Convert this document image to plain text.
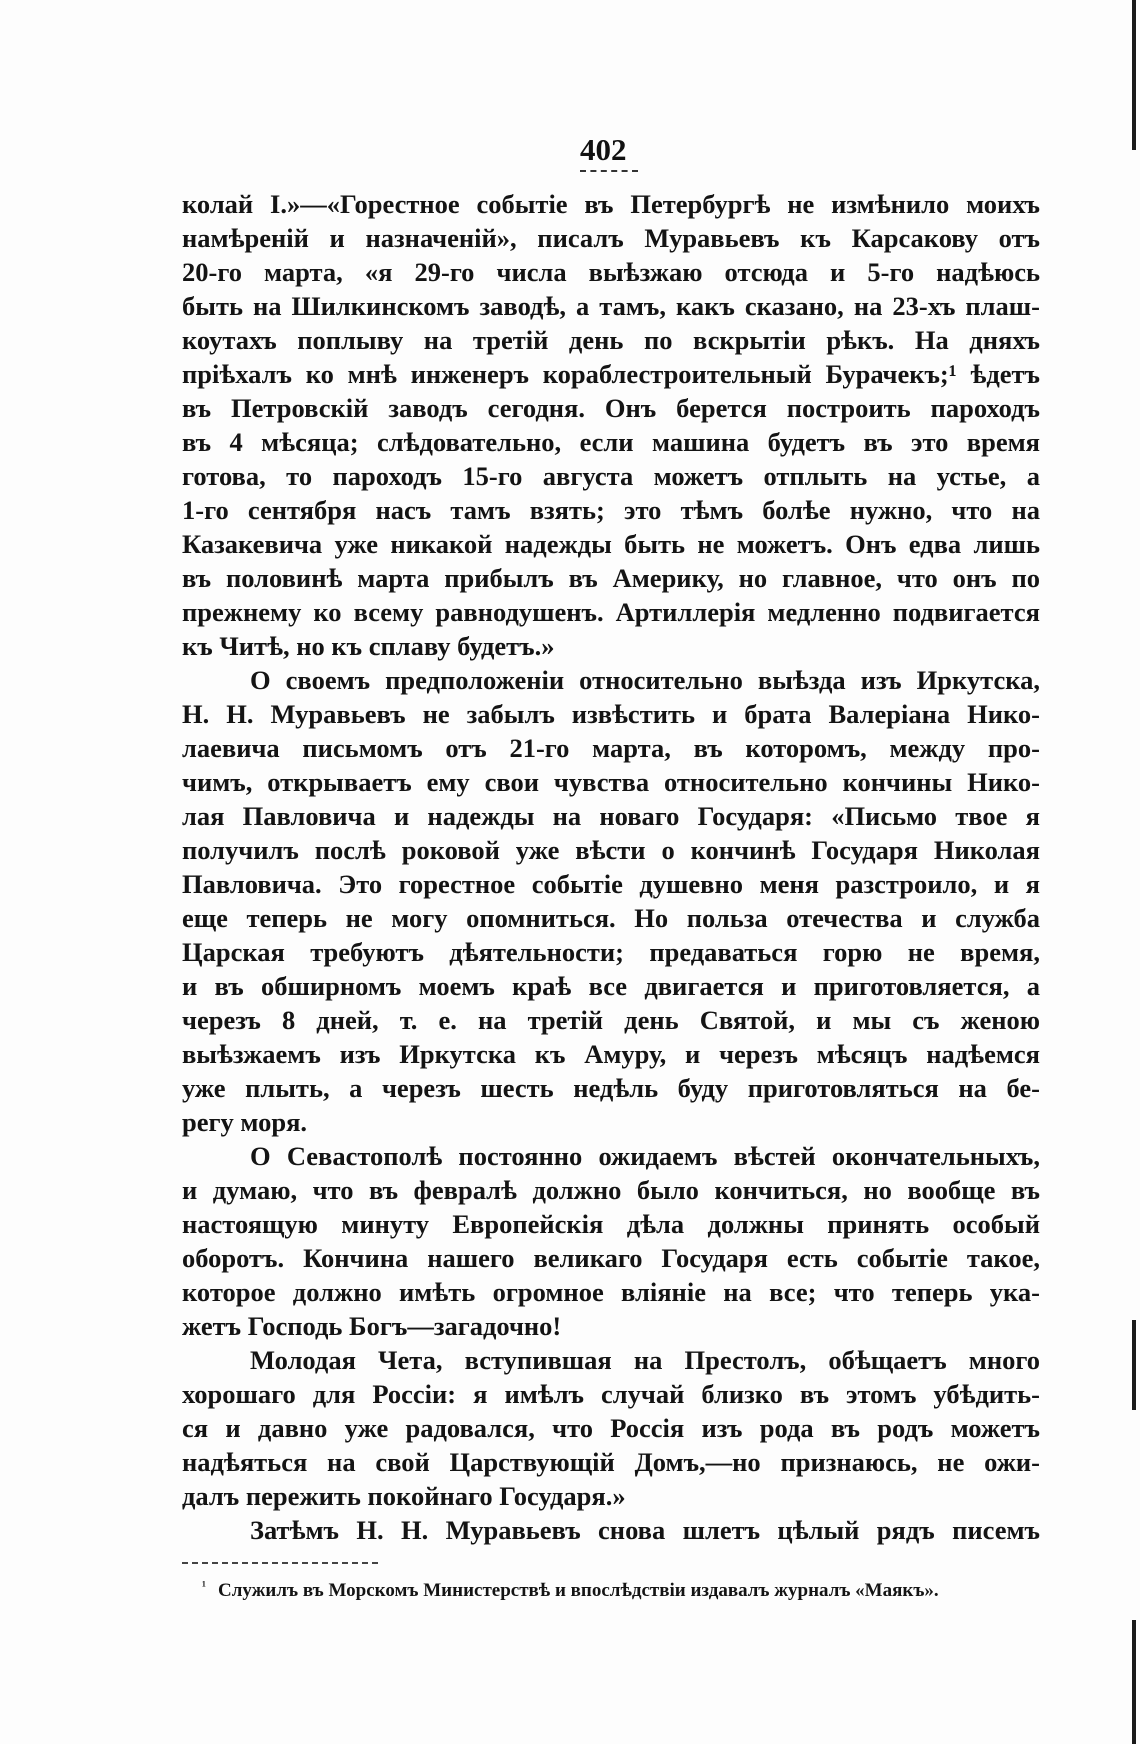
402
колай I.»—«Горестное событіе въ Петербургѣ не измѣнило моихъ
намѣреній и назначеній», писалъ Муравьевъ къ Карсакову отъ
20-го марта, «я 29-го числа выѣзжаю отсюда и 5-го надѣюсь
быть на Шилкинскомъ заводѣ, а тамъ, какъ сказано, на 23-хъ плаш-
коутахъ поплыву на третій день по вскрытіи рѣкъ. На дняхъ
пріѣхалъ ко мнѣ инженеръ кораблестроительный Бурачекъ;¹ ѣдетъ
въ Петровскій заводъ сегодня. Онъ берется построить пароходъ
въ 4 мѣсяца; слѣдовательно, если машина будетъ въ это время
готова, то пароходъ 15-го августа можетъ отплыть на устье, а
1-го сентября насъ тамъ взять; это тѣмъ болѣе нужно, что на
Казакевича уже никакой надежды быть не можетъ. Онъ едва лишь
въ половинѣ марта прибылъ въ Америку, но главное, что онъ по
прежнему ко всему равнодушенъ. Артиллерія медленно подвигается
къ Читѣ, но къ сплаву будетъ.»
О своемъ предположеніи относительно выѣзда изъ Иркутска,
Н. Н. Муравьевъ не забылъ извѣстить и брата Валеріана Нико-
лаевича письмомъ отъ 21-го марта, въ которомъ, между про-
чимъ, открываетъ ему свои чувства относительно кончины Нико-
лая Павловича и надежды на новаго Государя: «Письмо твое я
получилъ послѣ роковой уже вѣсти о кончинѣ Государя Николая
Павловича. Это горестное событіе душевно меня разстроило, и я
еще теперь не могу опомниться. Но польза отечества и служба
Царская требуютъ дѣятельности; предаваться горю не время,
и въ обширномъ моемъ краѣ все двигается и приготовляется, а
черезъ 8 дней, т. е. на третій день Святой, и мы съ женою
выѣзжаемъ изъ Иркутска къ Амуру, и черезъ мѣсяцъ надѣемся
уже плыть, а черезъ шесть недѣль буду приготовляться на бе-
регу моря.
О Севастополѣ постоянно ожидаемъ вѣстей окончательныхъ,
и думаю, что въ февралѣ должно было кончиться, но вообще въ
настоящую минуту Европейскія дѣла должны принять особый
оборотъ. Кончина нашего великаго Государя есть событіе такое,
которое должно имѣть огромное вліяніе на все; что теперь ука-
жетъ Господь Богъ—загадочно!
Молодая Чета, вступившая на Престолъ, обѣщаетъ много
хорошаго для Россіи: я имѣлъ случай близко въ этомъ убѣдить-
ся и давно уже радовался, что Россія изъ рода въ родъ можетъ
надѣяться на свой Царствующій Домъ,—но признаюсь, не ожи-
далъ пережить покойнаго Государя.»
Затѣмъ Н. Н. Муравьевъ снова шлетъ цѣлый рядъ писемъ
¹ Служилъ въ Морскомъ Министерствѣ и впослѣдствіи издавалъ журналъ «Маякъ».
